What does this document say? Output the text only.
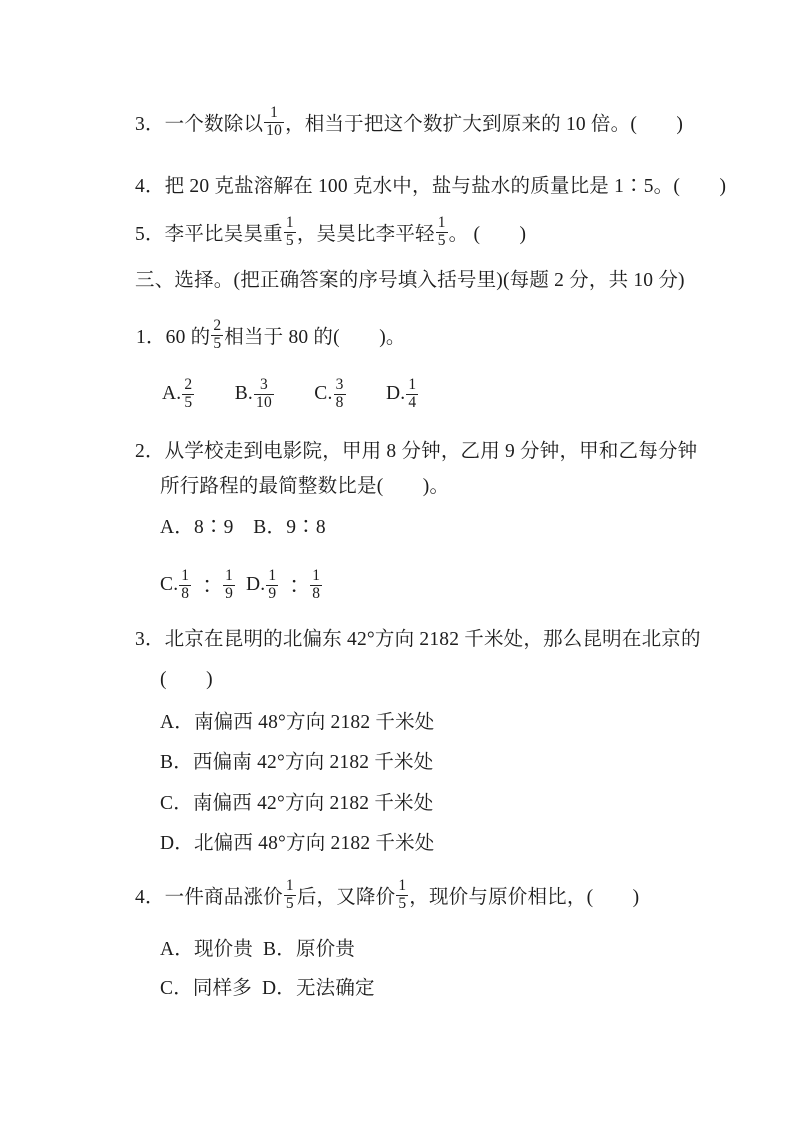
3．一个数除以 $\frac{1}{10}$ ，相当于把这个数扩大到原来的 10 倍。(　　)
4．把 20 克盐溶解在 100 克水中，盐与盐水的质量比是 1∶5。(　　)
5．李平比吴昊重 $\frac{1}{5}$ ，吴昊比李平轻 $\frac{1}{5}$ 。 (　　)
三、选择。(把正确答案的序号填入括号里)(每题 2 分，共 10 分)
1．60 的 $\frac{2}{5}$ 相当于 80 的(　　)。
A. $\frac{2}{5}$   B. $\frac{3}{10}$   C. $\frac{3}{8}$   D. $\frac{1}{4}$
2．从学校走到电影院，甲用 8 分钟，乙用 9 分钟，甲和乙每分钟
所行路程的最简整数比是(　　)。
A．8∶9　B．9∶8
C. $\frac{1}{8}$ ∶ $\frac{1}{9}$  D. $\frac{1}{9}$ ∶ $\frac{1}{8}$
3．北京在昆明的北偏东 42°方向 2182 千米处，那么昆明在北京的
(　　)
A．南偏西 48°方向 2182 千米处
B．西偏南 42°方向 2182 千米处
C．南偏西 42°方向 2182 千米处
D．北偏西 48°方向 2182 千米处
4．一件商品涨价 $\frac{1}{5}$ 后，又降价 $\frac{1}{5}$ ，现价与原价相比，(　　)
A．现价贵 B．原价贵
C．同样多 D．无法确定
